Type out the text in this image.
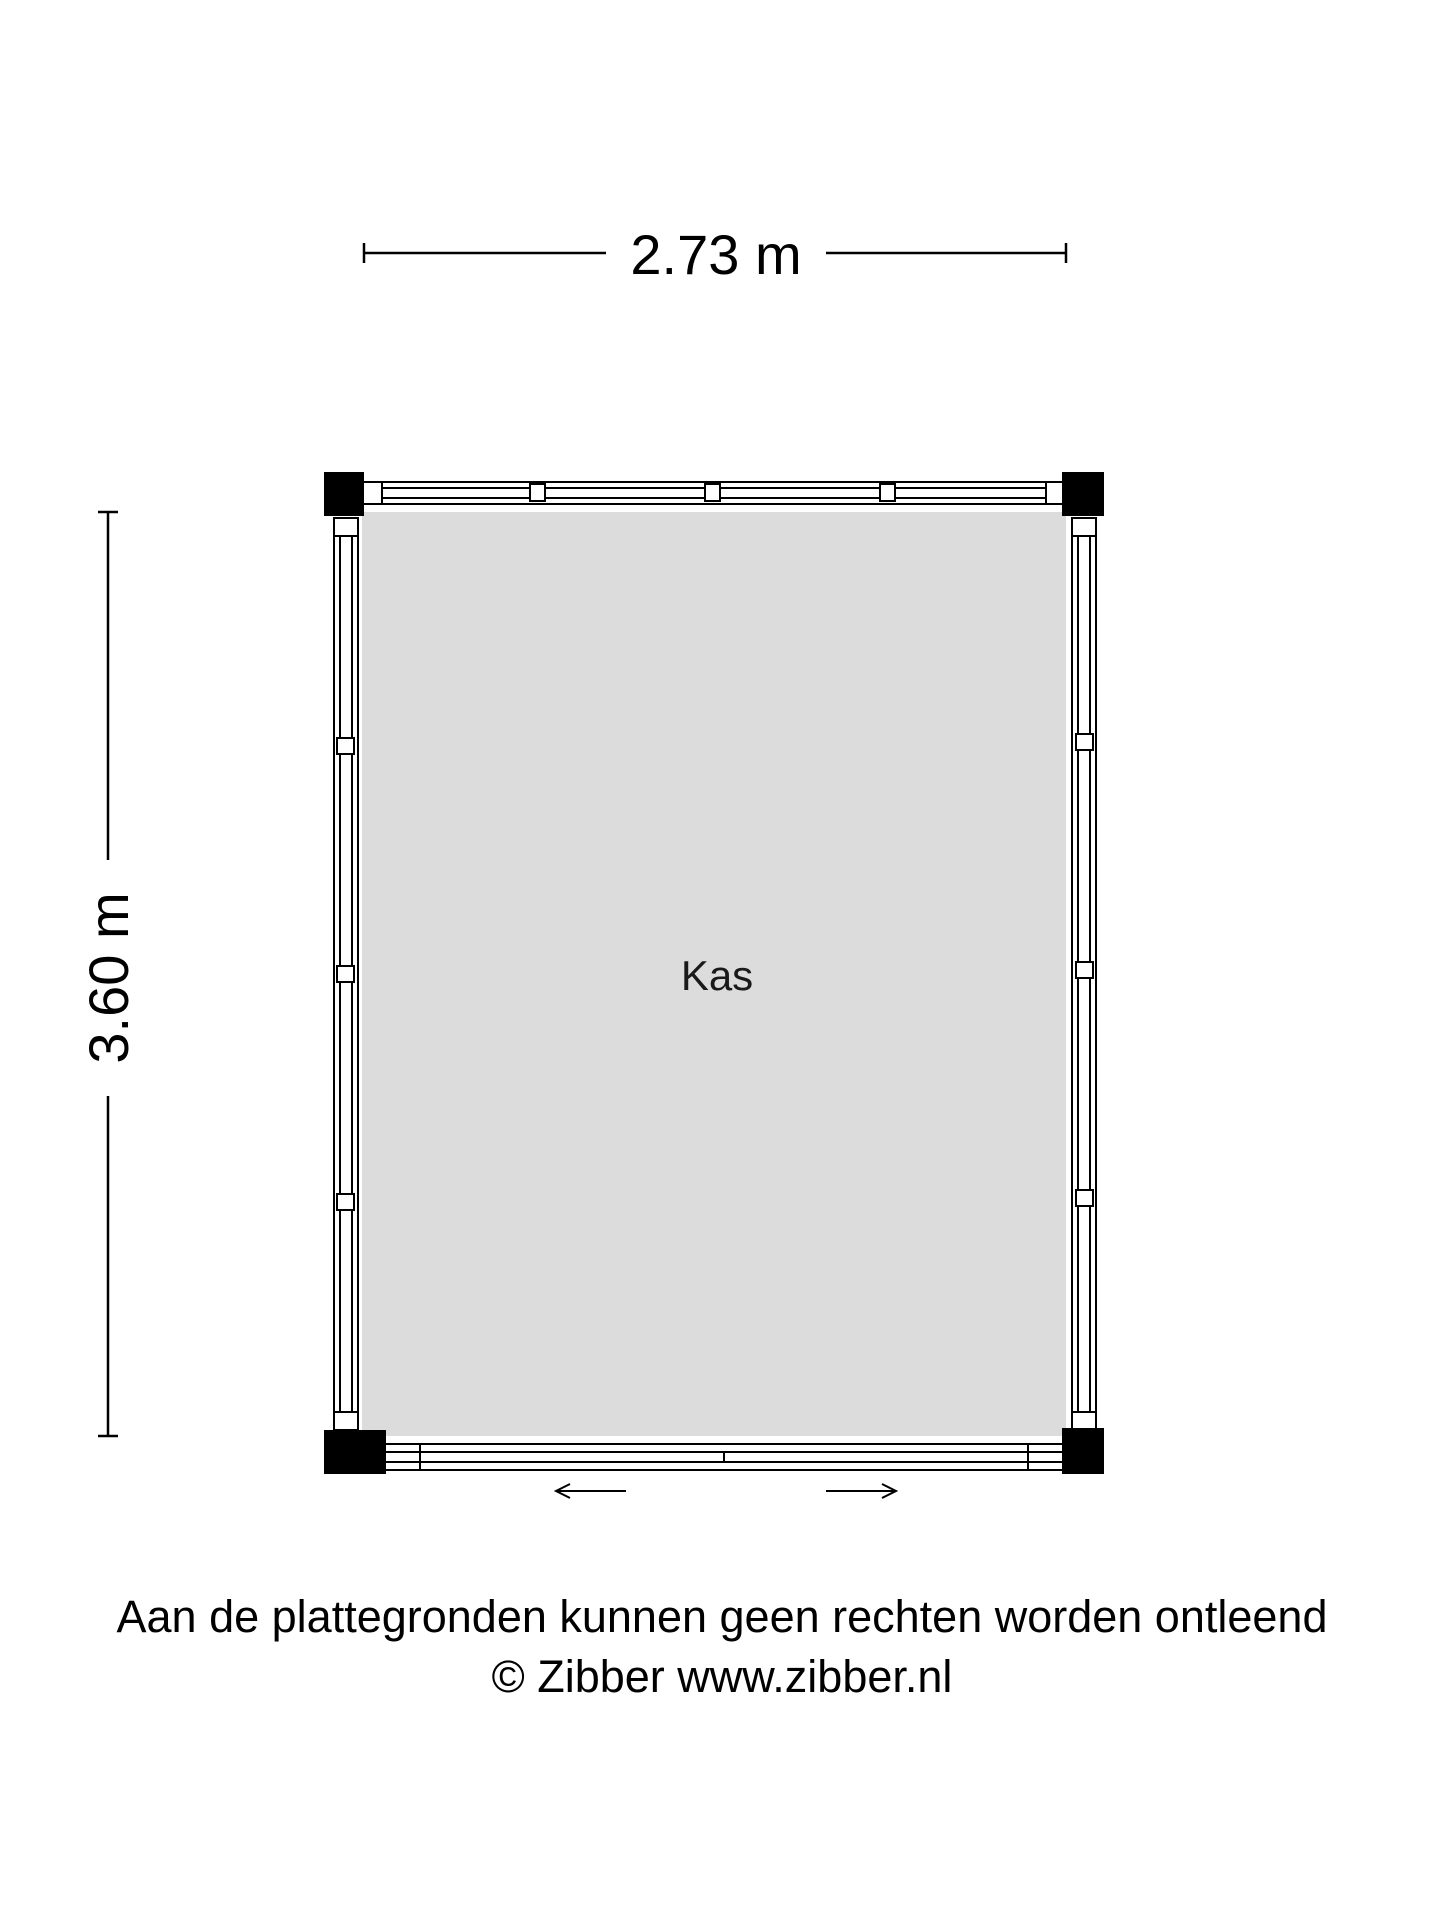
2.73 m
3.60 m	Kas
Aan de plattegronden kunnen geen rechten worden ontleend
© Zibber www.zibber.nl
